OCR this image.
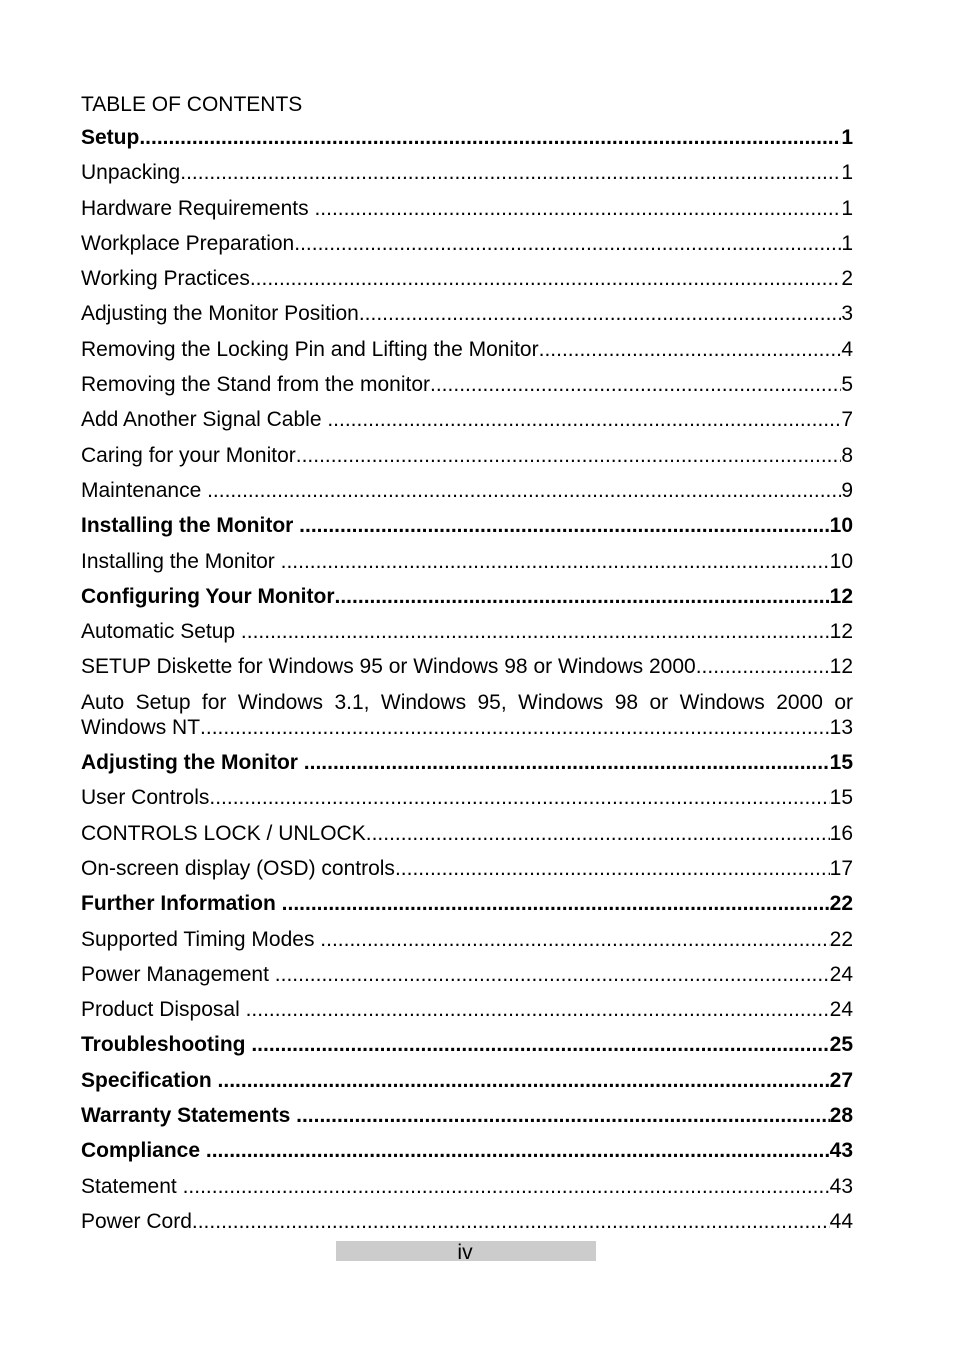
TABLE OF CONTENTS
Setup .....	1
Unpacking .....	1
Hardware Requirements .....	1
Workplace Preparation .....	1
Working Practices .....	2
Adjusting the Monitor Position .....	3
Removing the Locking Pin and Lifting the Monitor .....	4
Removing the Stand from the monitor .....	5
Add Another Signal Cable .....	7
Caring for your Monitor .....	8
Maintenance .....	9
Installing the Monitor .....	10
Installing the Monitor .....	10
Configuring Your Monitor .....	12
Automatic Setup .....	12
SETUP Diskette for Windows 95 or Windows 98 or Windows 2000 .....	12
Auto Setup for Windows 3.1, Windows 95, Windows 98 or Windows 2000 or
Windows NT .....	13
Adjusting the Monitor .....	15
User Controls .....	15
CONTROLS LOCK / UNLOCK .....	16
On-screen display (OSD) controls .....	17
Further Information .....	22
Supported Timing Modes .....	22
Power Management .....	24
Product Disposal .....	24
Troubleshooting .....	25
Specification .....	27
Warranty Statements .....	28
Compliance .....	43
Statement .....	43
Power Cord .....	44
iv
